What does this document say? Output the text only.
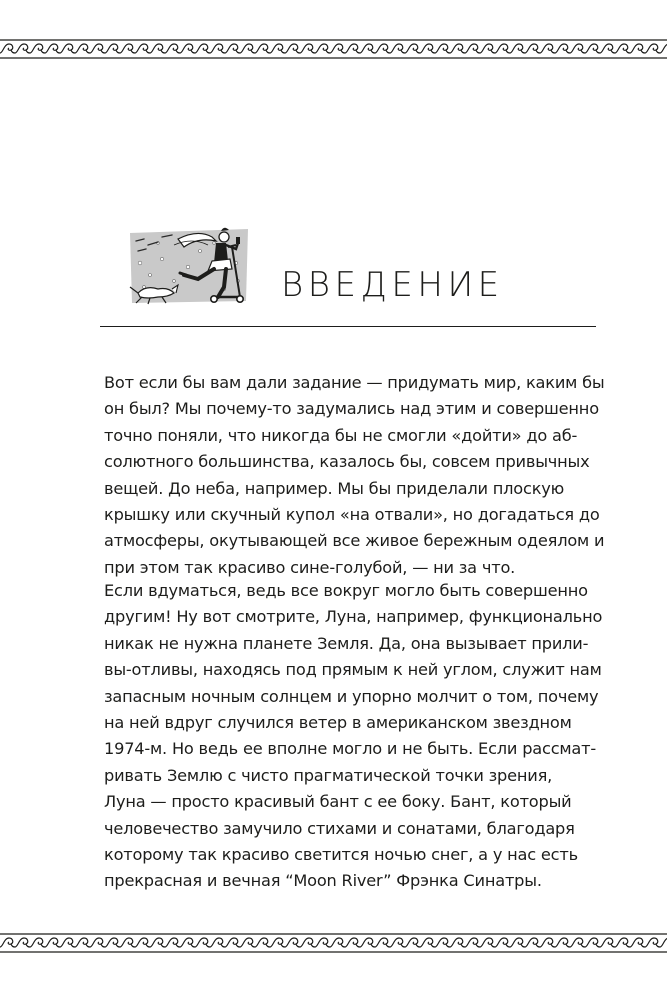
ВВЕДЕНИЕ

Вот если бы вам дали задание — придумать мир, каким бы
он был? Мы почему-то задумались над этим и совершенно
точно поняли, что никогда бы не смогли «дойти» до аб-
солютного большинства, казалось бы, совсем привычных
вещей. До неба, например. Мы бы приделали плоскую
крышку или скучный купол «на отвали», но догадаться до
атмосферы, окутывающей все живое бережным одеялом и
при этом так красиво сине-голубой, — ни за что.

Если вдуматься, ведь все вокруг могло быть совершенно
другим! Ну вот смотрите, Луна, например, функционально
никак не нужна планете Земля. Да, она вызывает прили-
вы-отливы, находясь под прямым к ней углом, служит нам
запасным ночным солнцем и упорно молчит о том, почему
на ней вдруг случился ветер в американском звездном
1974-м. Но ведь ее вполне могло и не быть. Если рассмат-
ривать Землю с чисто прагматической точки зрения,
Луна — просто красивый бант с ее боку. Бант, который
человечество замучило стихами и сонатами, благодаря
которому так красиво светится ночью снег, а у нас есть
прекрасная и вечная “Moon River” Фрэнка Синатры.
